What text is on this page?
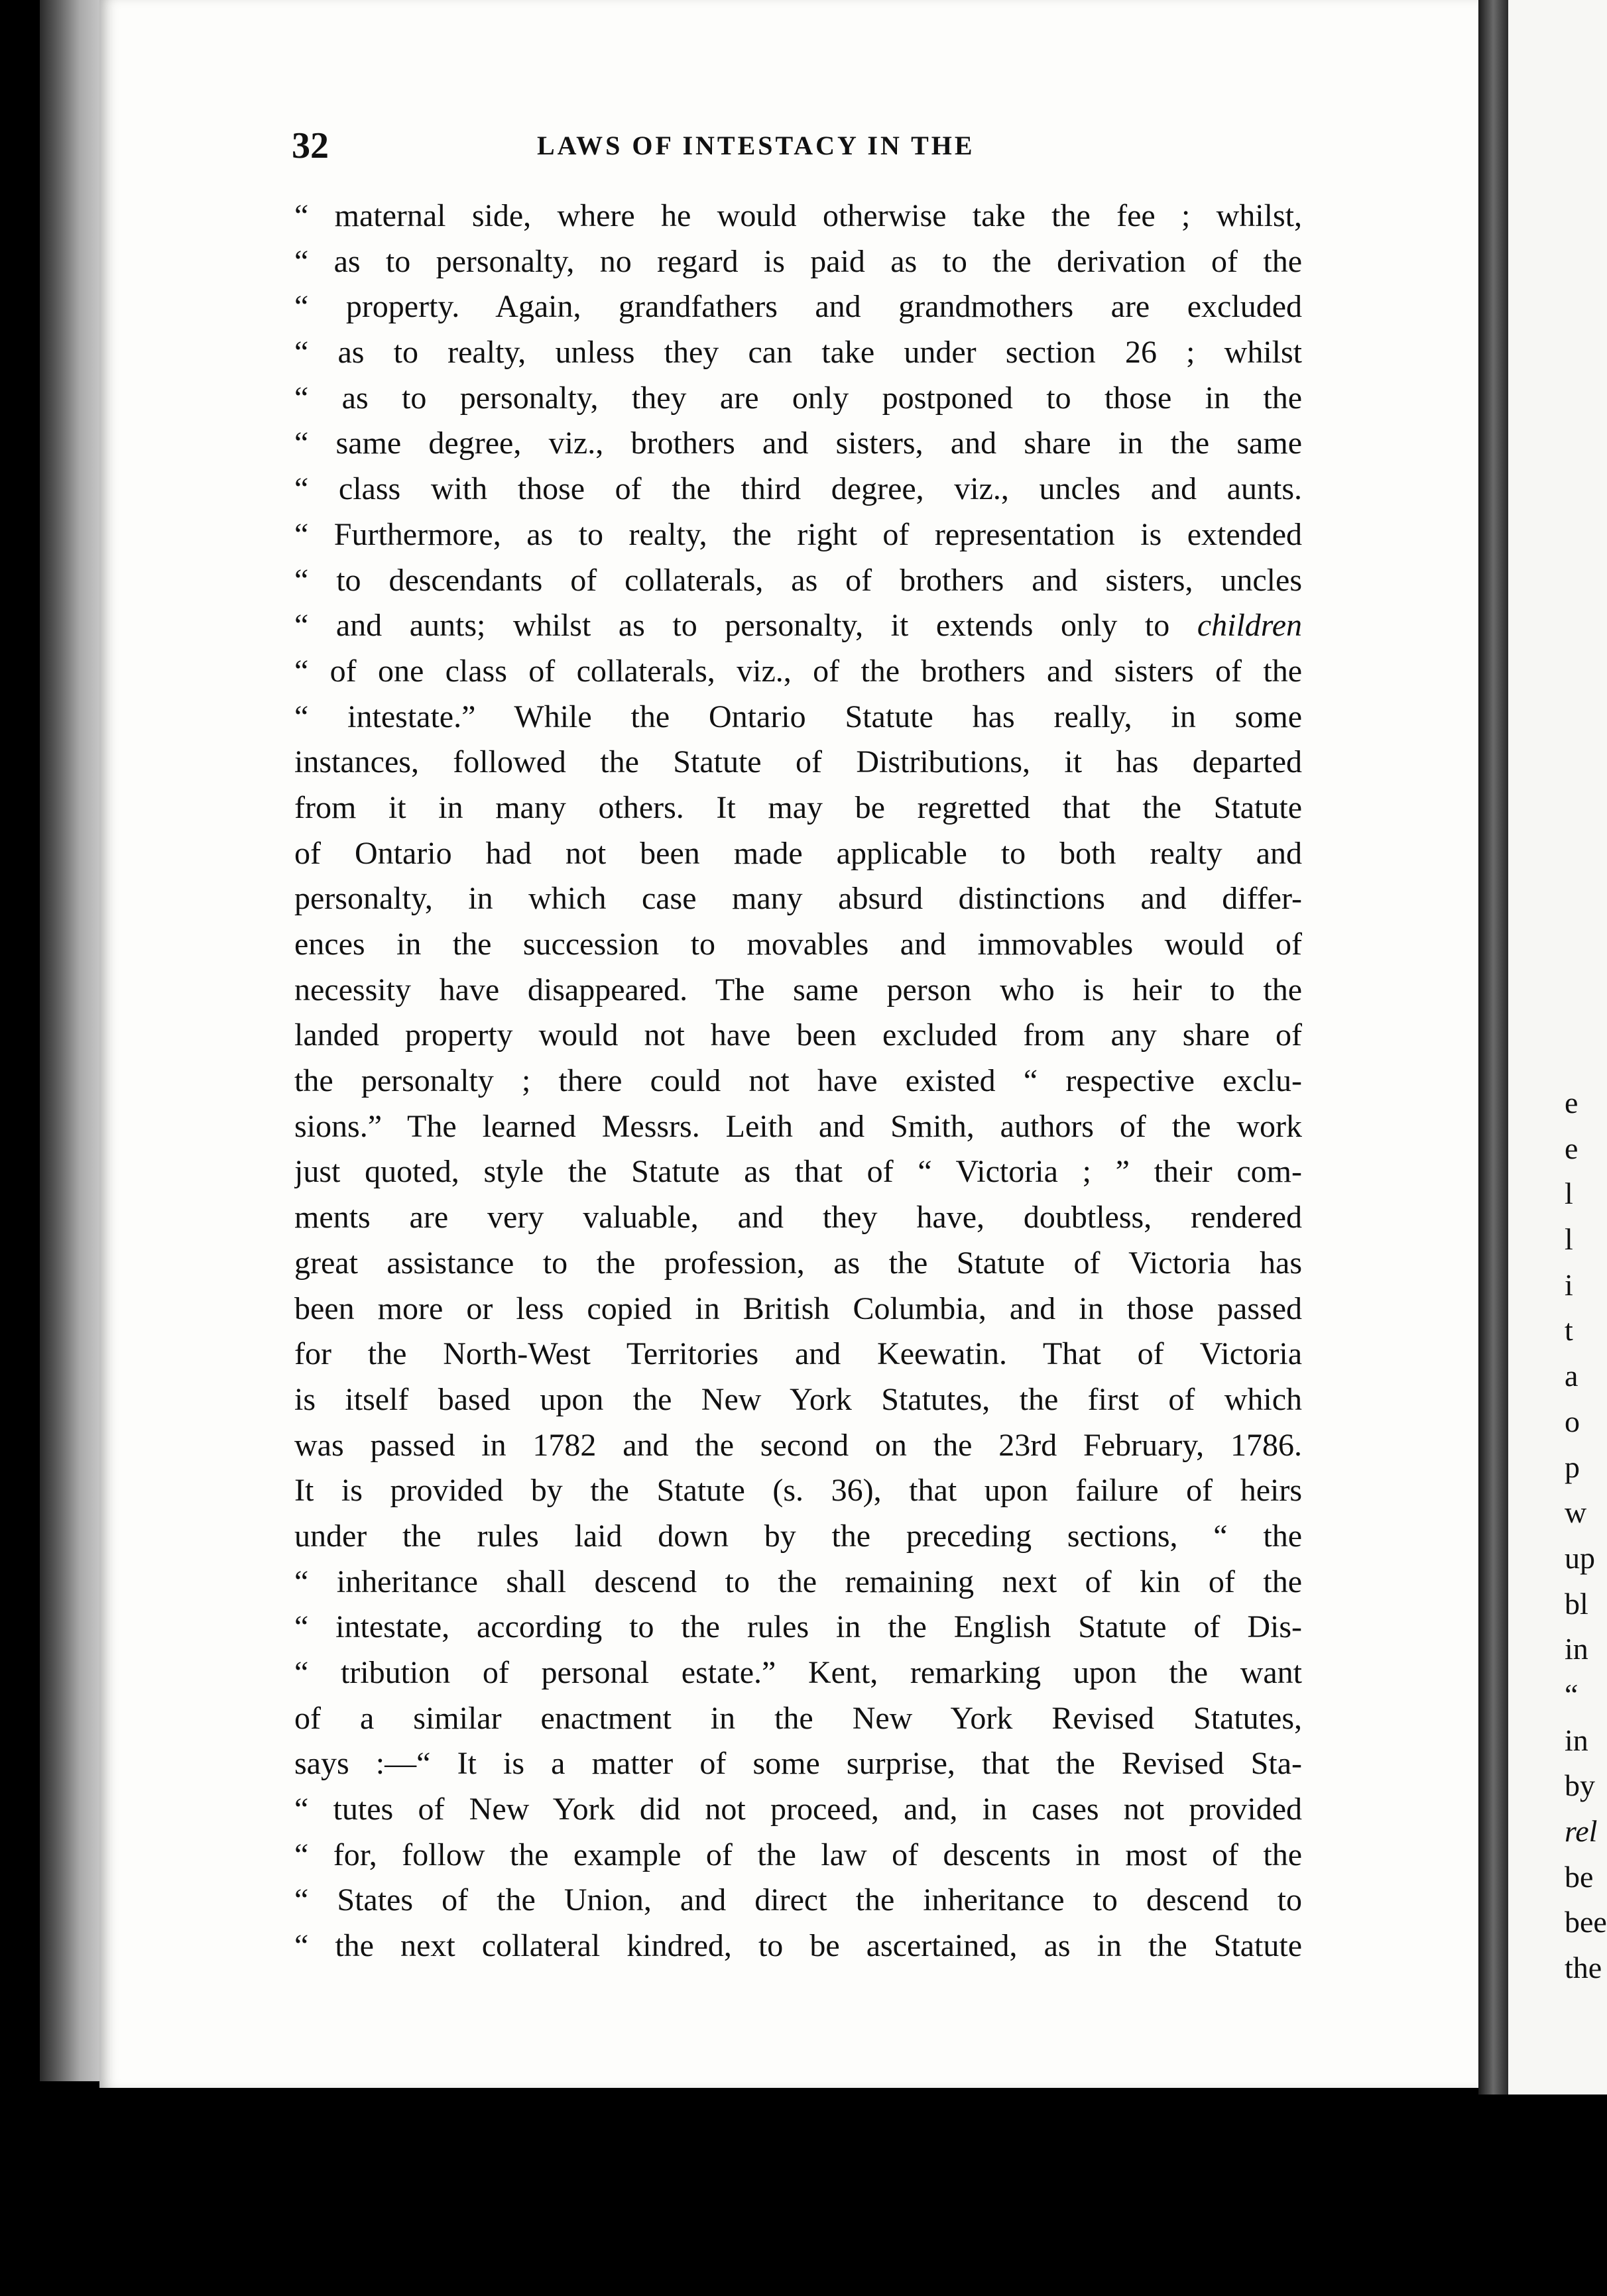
32	LAWS OF INTESTACY IN THE
“ maternal side, where he would otherwise take the fee ; whilst,
“ as to personalty, no regard is paid as to the derivation of the
“ property. Again, grandfathers and grandmothers are excluded
“ as to realty, unless they can take under section 26 ; whilst
“ as to personalty, they are only postponed to those in the
“ same degree, viz., brothers and sisters, and share in the same
“ class with those of the third degree, viz., uncles and aunts.
“ Furthermore, as to realty, the right of representation is extended
“ to descendants of collaterals, as of brothers and sisters, uncles
“ and aunts; whilst as to personalty, it extends only to children
“ of one class of collaterals, viz., of the brothers and sisters of the
“ intestate.” While the Ontario Statute has really, in some
instances, followed the Statute of Distributions, it has departed
from it in many others. It may be regretted that the Statute
of Ontario had not been made applicable to both realty and
personalty, in which case many absurd distinctions and differ-
ences in the succession to movables and immovables would of
necessity have disappeared. The same person who is heir to the
landed property would not have been excluded from any share of
the personalty ; there could not have existed “ respective exclu-
sions.” The learned Messrs. Leith and Smith, authors of the work
just quoted, style the Statute as that of “ Victoria ; ” their com-
ments are very valuable, and they have, doubtless, rendered
great assistance to the profession, as the Statute of Victoria has
been more or less copied in British Columbia, and in those passed
for the North-West Territories and Keewatin. That of Victoria
is itself based upon the New York Statutes, the first of which
was passed in 1782 and the second on the 23rd February, 1786.
It is provided by the Statute (s. 36), that upon failure of heirs
under the rules laid down by the preceding sections, “ the
“ inheritance shall descend to the remaining next of kin of the
“ intestate, according to the rules in the English Statute of Dis-
“ tribution of personal estate.” Kent, remarking upon the want
of a similar enactment in the New York Revised Statutes,
says :—“ It is a matter of some surprise, that the Revised Sta-
“ tutes of New York did not proceed, and, in cases not provided
“ for, follow the example of the law of descents in most of the
“ States of the Union, and direct the inheritance to descend to
“ the next collateral kindred, to be ascertained, as in the Statute
e
e
l
l
i
t
a
o
p
w
up
bl
in
“
in
by
rel
be
bee
the
